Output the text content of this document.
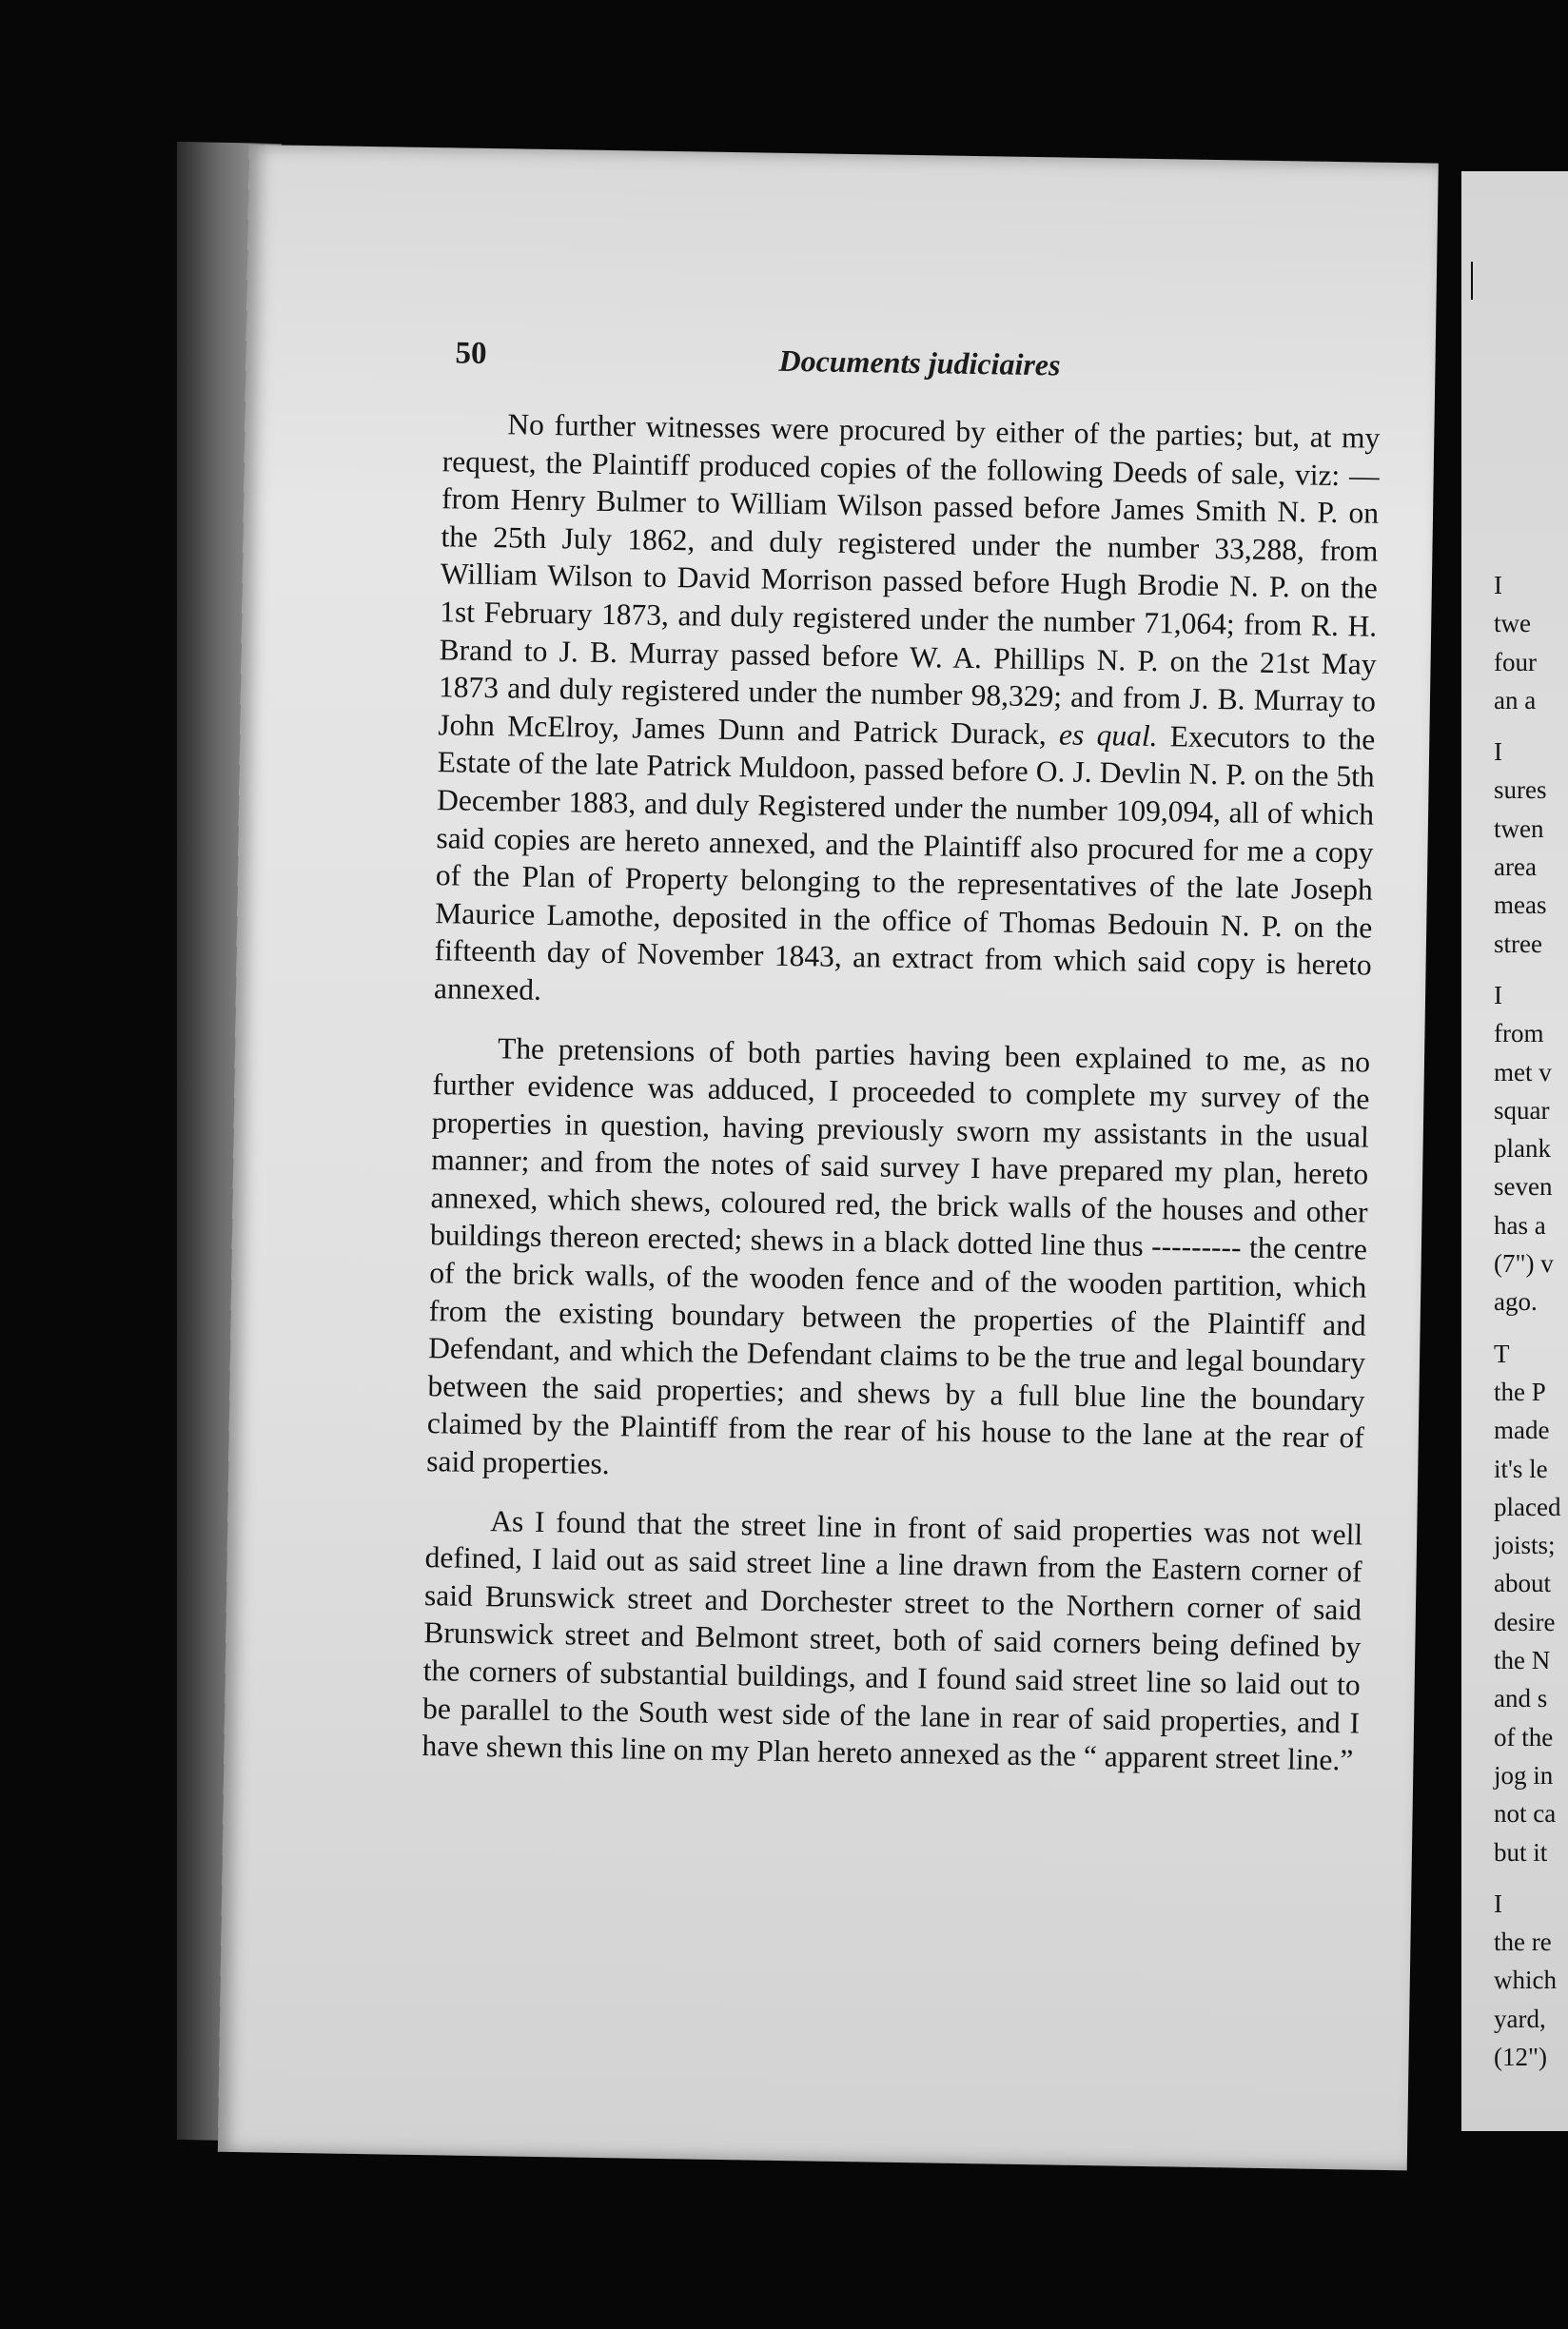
50	Documents judiciaires

No further witnesses were procured by either of the parties; but, at my request, the Plaintiff produced copies of the following Deeds of sale, viz: — from Henry Bulmer to William Wilson passed before James Smith N. P. on the 25th July 1862, and duly registered under the number 33,288, from William Wilson to David Morrison passed before Hugh Brodie N. P. on the 1st February 1873, and duly registered under the number 71,064; from R. H. Brand to J. B. Murray passed before W. A. Phillips N. P. on the 21st May 1873 and duly registered under the number 98,329; and from J. B. Murray to John McElroy, James Dunn and Patrick Durack, es qual. Executors to the Estate of the late Patrick Muldoon, passed before O. J. Devlin N. P. on the 5th December 1883, and duly Registered under the number 109,094, all of which said copies are hereto annexed, and the Plaintiff also procured for me a copy of the Plan of Property belonging to the representatives of the late Joseph Maurice Lamothe, deposited in the office of Thomas Bedouin N. P. on the fifteenth day of November 1843, an extract from which said copy is hereto annexed.

The pretensions of both parties having been explained to me, as no further evidence was adduced, I proceeded to complete my survey of the properties in question, having previously sworn my assistants in the usual manner; and from the notes of said survey I have prepared my plan, hereto annexed, which shews, coloured red, the brick walls of the houses and other buildings thereon erected; shews in a black dotted line thus --------- the centre of the brick walls, of the wooden fence and of the wooden partition, which from the existing boundary between the properties of the Plaintiff and Defendant, and which the Defendant claims to be the true and legal boundary between the said properties; and shews by a full blue line the boundary claimed by the Plaintiff from the rear of his house to the lane at the rear of said properties.

As I found that the street line in front of said properties was not well defined, I laid out as said street line a line drawn from the Eastern corner of said Brunswick street and Dorchester street to the Northern corner of said Brunswick street and Belmont street, both of said corners being defined by the corners of substantial buildings, and I found said street line so laid out to be parallel to the South west side of the lane in rear of said properties, and I have shewn this line on my Plan hereto annexed as the “ apparent street line.”

I
twe
four
an a
I
sures
twen
area
meas
stree
I
from
met v
squar
plank
seven
has a
(7") v
ago.
T
the P
made
it's le
placed
joists;
about
desire
the N
and s
of the
jog in
not ca
but it
I
the re
which
yard,
(12")
